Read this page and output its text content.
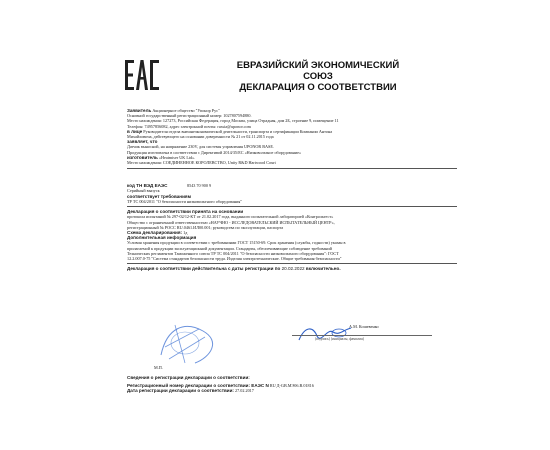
ЕВРАЗИЙСКИЙ ЭКОНОМИЧЕСКИЙ
СОЮЗ
ДЕКЛАРАЦИЯ О СООТВЕТСТВИИ
Заявитель Акционерное общество "Упонор Рус"
Основной государственный регистрационный номер: 1027807594880.
Место нахождения: 127273, Российская Федерация, город Москва, улица Отрадная, дом 2Б, строение 9, помещение 11
Телефон: 74957856082, адрес электронной почты: russia@uponor.com
в лице Руководителя отдела внешнеэкономической деятельности, транспорта и сертификации Компании Антона
Михайловича, действующего на основании доверенности № 21 от 02.11.2015 года
заявляет, что
Датчик выносной, на напряжение 230V, для системы управления UPONOR BASE.
Продукция изготовлена в соответствии с Директивой 2014/35/EC «Низковольтное оборудование»
изготовитель «Heatmiser UK Ltd».
Место нахождения: СОЕДИНЕННОЕ КОРОЛЕВСТВО, Unity R&D Hartwood Court
код ТН ВЭД ЕАЭС	8543 70 900 9
Серийный выпуск
соответствует требованиям
ТР ТС 004/2011 "О безопасности низковольтного оборудования"
Декларация о соответствии принята на основании
протокола испытаний № 297-02/12-КТ от 21.02.2017 года, выданного испытательной лабораторией «Контрольтест»
Общество с ограниченной ответственностью «НАУЧНО - ИССЛЕДОВАТЕЛЬСКИЙ ИСПЫТАТЕЛЬНЫЙ ЦЕНТР»,
регистрационный № РОСС RU.0461.ИЛ00.001; руководства по эксплуатации, паспорта
Схема декларирования: 1д
Дополнительная информация
Условия хранения продукции в соответствии с требованиями ГОСТ 15150-69. Срок хранения (службы, годности) указан в
прилагаемой к продукции эксплуатационной документации. Стандарты, обеспечивающие соблюдение требований
Технических регламентов Таможенного союза ТР ТС 004/2011 "О безопасности низковольтного оборудования": ГОСТ
12.2.007.0-75 "Система стандартов безопасности труда. Изделия электротехнические. Общие требования безопасности"
Декларация о соответствии действительна с даты регистрации по 20.02.2022 включительно.
А.М. Кошевенко
(подпись) (инициалы, фамилия)
М.П.
Сведения о регистрации декларации о соответствии:
Регистрационный номер декларации о соответствии: ЕАЭС N RU Д-GB.МЭ06.В.01816
Дата регистрации декларации о соответствии: 27.02.2017
